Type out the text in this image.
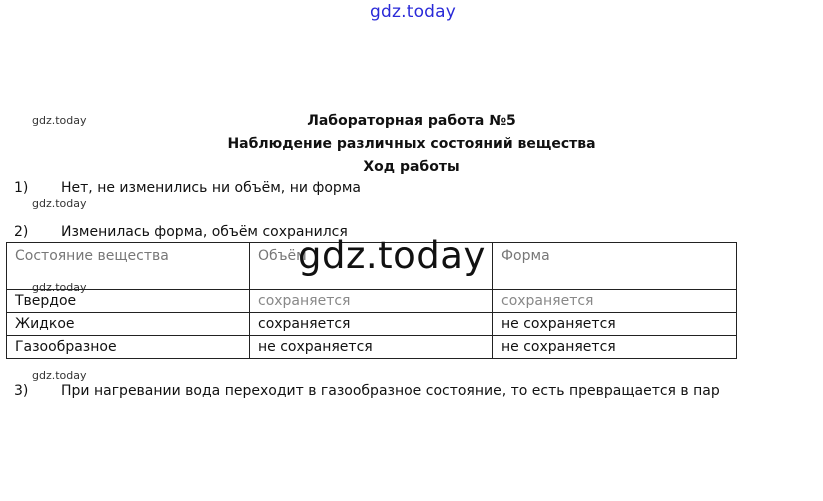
gdz.today
gdz.today
gdz.today
gdz.today
gdz.today
Лабораторная работа №5
Наблюдение различных состояний вещества
Ход работы
1) Нет, не изменились ни объём, ни форма
2) Изменилась форма, объём сохранился
Состояние вещества	Объём	Форма
Твердое	сохраняется	сохраняется
Жидкое	сохраняется	не сохраняется
Газообразное	не сохраняется	не сохраняется
gdz.today
3) При нагревании вода переходит в газообразное состояние, то есть превращается в пар
